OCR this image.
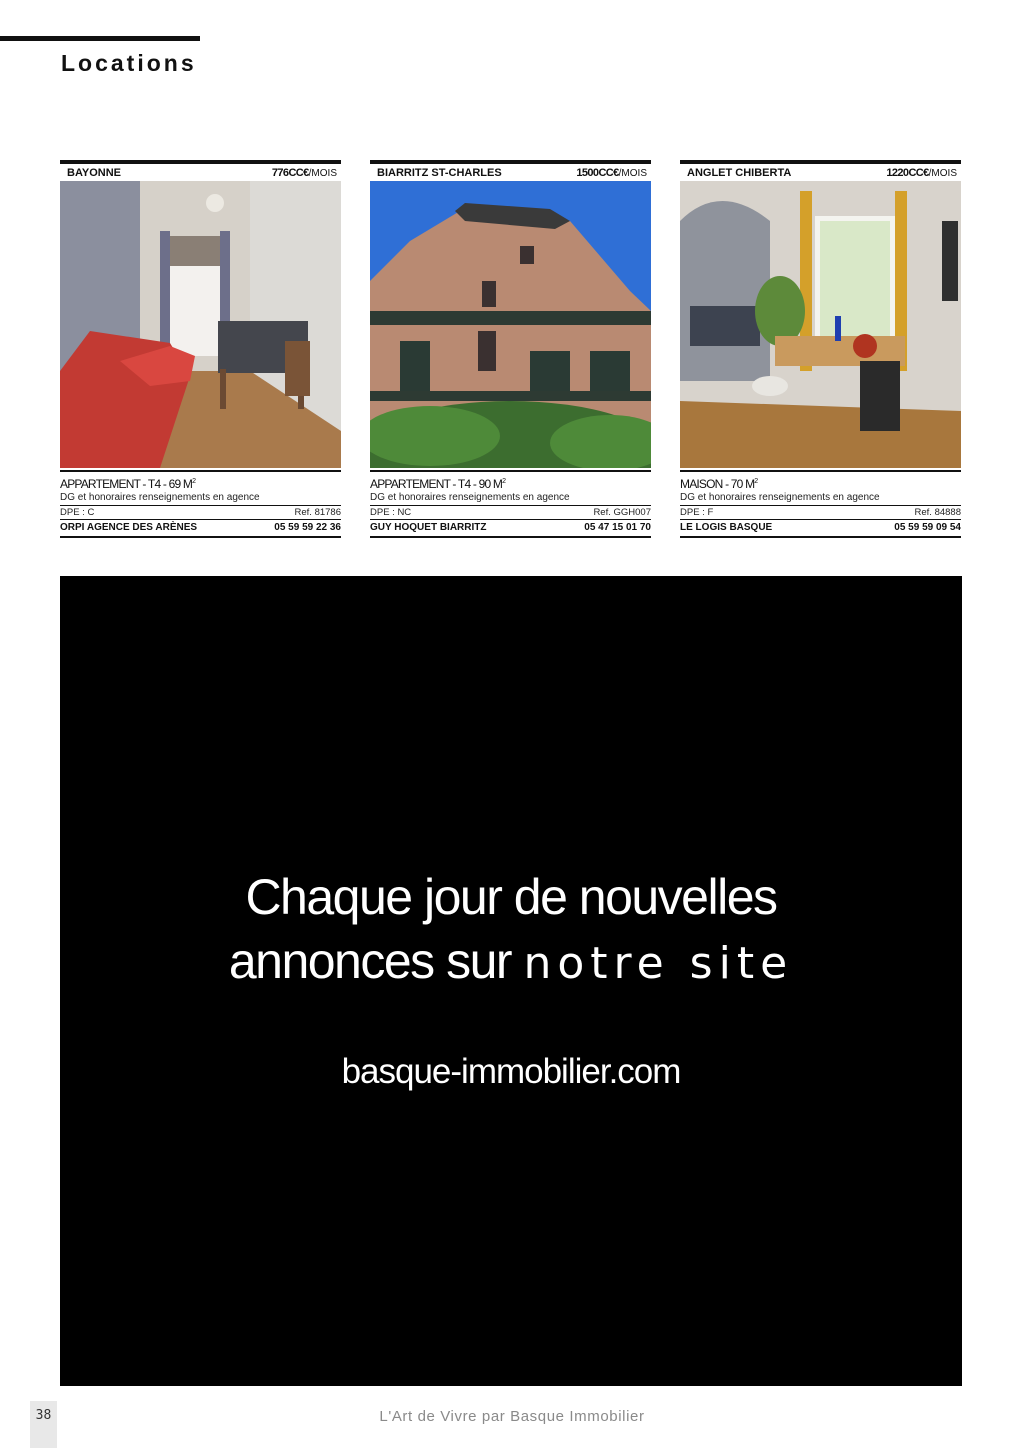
Locations
BAYONNE	776CC€/MOIS
APPARTEMENT - T4 - 69 $M^2$
DG et honoraires renseignements en agence
DPE : C	Ref. 81786
ORPI AGENCE DES ARÈNES	05 59 59 22 36
BIARRITZ ST-CHARLES	1500CC€/MOIS
APPARTEMENT - T4 - 90 $M^2$
DG et honoraires renseignements en agence
DPE : NC	Ref. GGH007
GUY HOQUET BIARRITZ	05 47 15 01 70
ANGLET CHIBERTA	1220CC€/MOIS
MAISON - 70 $M^2$
DG et honoraires renseignements en agence
DPE : F	Ref. 84888
LE LOGIS BASQUE	05 59 59 09 54
Chaque jour de nouvelles
annonces sur notre site
basque-immobilier.com
38	L'Art de Vivre par Basque Immobilier
